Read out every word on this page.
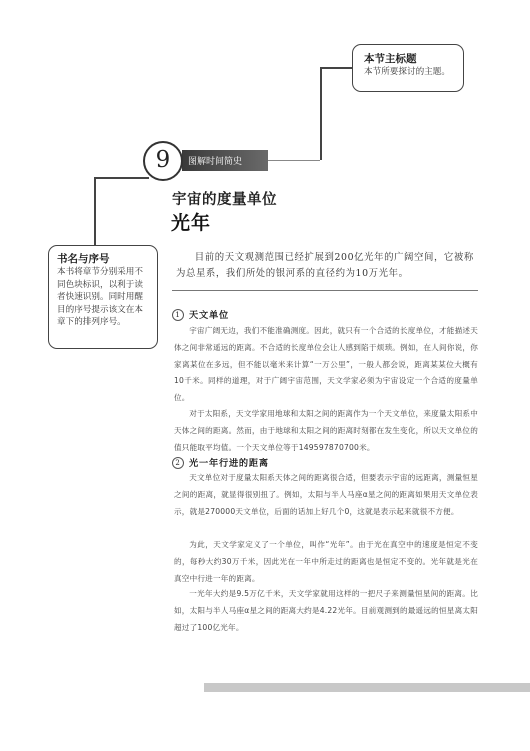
本节主标题
本节所要探讨的主题。
书名与序号
本书将章节分别采用不同色块标识，以利于读者快速识别。同时用醒目的序号提示该文在本章下的排列序号。
图解时间简史
9
宇宙的度量单位
光年
目前的天文观测范围已经扩展到200亿光年的广阔空间，它被称为总星系，我们所处的银河系的直径约为10万光年。
1 天文单位
宇宙广阔无边，我们不能准确测度。因此，就只有一个合适的长度单位，才能描述天体之间非常遥远的距离。不合适的长度单位会让人感到陷于烦琐。例如，在人间你说，你家离某位在多远，但不能以毫米来计算“一万公里”，一般人都会说，距离某某位大概有10千米。同样的道理，对于广阔宇宙范围，天文学家必须为宇宙设定一个合适的度量单位。
对于太阳系，天文学家用地球和太阳之间的距离作为一个天文单位，来度量太阳系中天体之间的距离。然而，由于地球和太阳之间的距离时刻都在发生变化，所以天文单位的值只能取平均值。一个天文单位等于149597870700米。
2 光一年行进的距离
天文单位对于度量太阳系天体之间的距离很合适，但要表示宇宙的远距离，测量恒星之间的距离，就显得很别扭了。例如，太阳与半人马座α星之间的距离如果用天文单位表示，就是270000天文单位，后面的话加上好几个0，这就是表示起来就很不方便。
为此，天文学家定义了一个单位，叫作“光年”。由于光在真空中的速度是恒定不变的，每秒大约30万千米，因此光在一年中所走过的距离也是恒定不变的。光年就是光在真空中行进一年的距离。
一光年大约是9.5万亿千米，天文学家就用这样的一把尺子来测量恒星间的距离。比如，太阳与半人马座α星之间的距离大约是4.22光年。目前观测到的最遥远的恒星离太阳超过了100亿光年。
